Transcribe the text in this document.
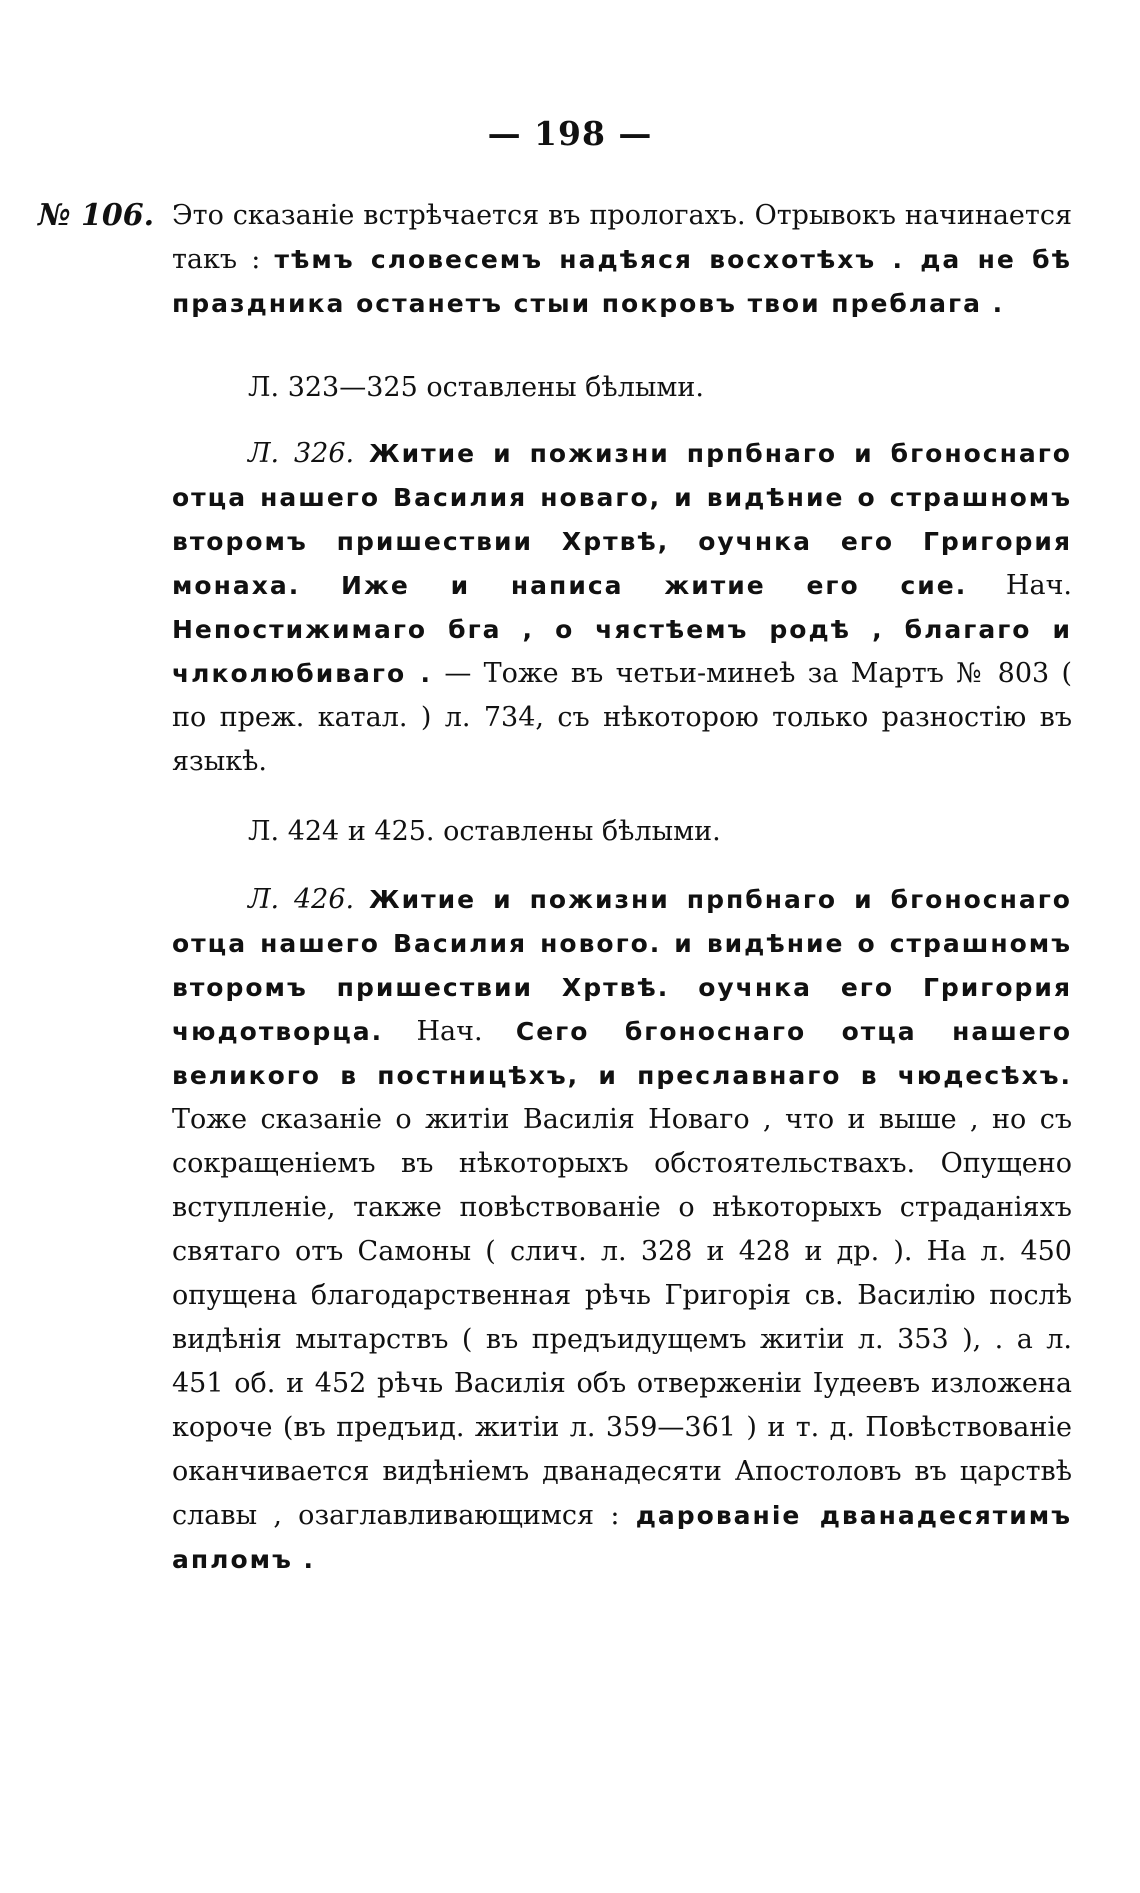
— 198 —
№ 106. Это сказаніе встрѣчается въ прологахъ. Отрывокъ начинается такъ : тѣмъ словесемъ надѣяся восхотѣхъ . да не бѣ праздника останетъ стыи покровъ твои преблага .
Л. 323—325 оставлены бѣлыми.
Л. 326. Житие и пожизни прпбнаго и бгоноснаго отца нашего Василия новаго, и видѣние о страшномъ второмъ пришествии Хртвѣ, оучнка его Григория монаха. Иже и написа житие его сие. Нач. Непостижимаго бга , о чястѣемъ родѣ , благаго и члколюбиваго . — Тоже въ четьи-минеѣ за Мартъ № 803 ( по преж. катал. ) л. 734, съ нѣкоторою только разностію въ языкѣ.
Л. 424 и 425. оставлены бѣлыми.
Л. 426. Житие и пожизни прпбнаго и бгоноснаго отца нашего Василия нового. и видѣние о страшномъ второмъ пришествии Хртвѣ. оучнка его Григория чюдотворца. Нач. Сего бгоноснаго отца нашего великого в постницѣхъ, и преславнаго в чюдесѣхъ. Тоже сказаніе о житіи Василія Новаго , что и выше , но съ сокращеніемъ въ нѣкоторыхъ обстоятельствахъ. Опущено вступленіе, также повѣствованіе о нѣкоторыхъ страданіяхъ святаго отъ Самоны ( слич. л. 328 и 428 и др. ). На л. 450 опущена благодарственная рѣчь Григорія св. Василію послѣ видѣнія мытарствъ ( въ предъидущемъ житіи л. 353 ), . а л. 451 об. и 452 рѣчь Василія объ отверженіи Іудеевъ изложена короче (въ предъид. житіи л. 359—361 ) и т. д. Повѣствованіе оканчивается видѣніемъ дванадесяти Апостоловъ въ царствѣ славы , озаглавливающимся : дарованіе дванадесятимъ апломъ .
